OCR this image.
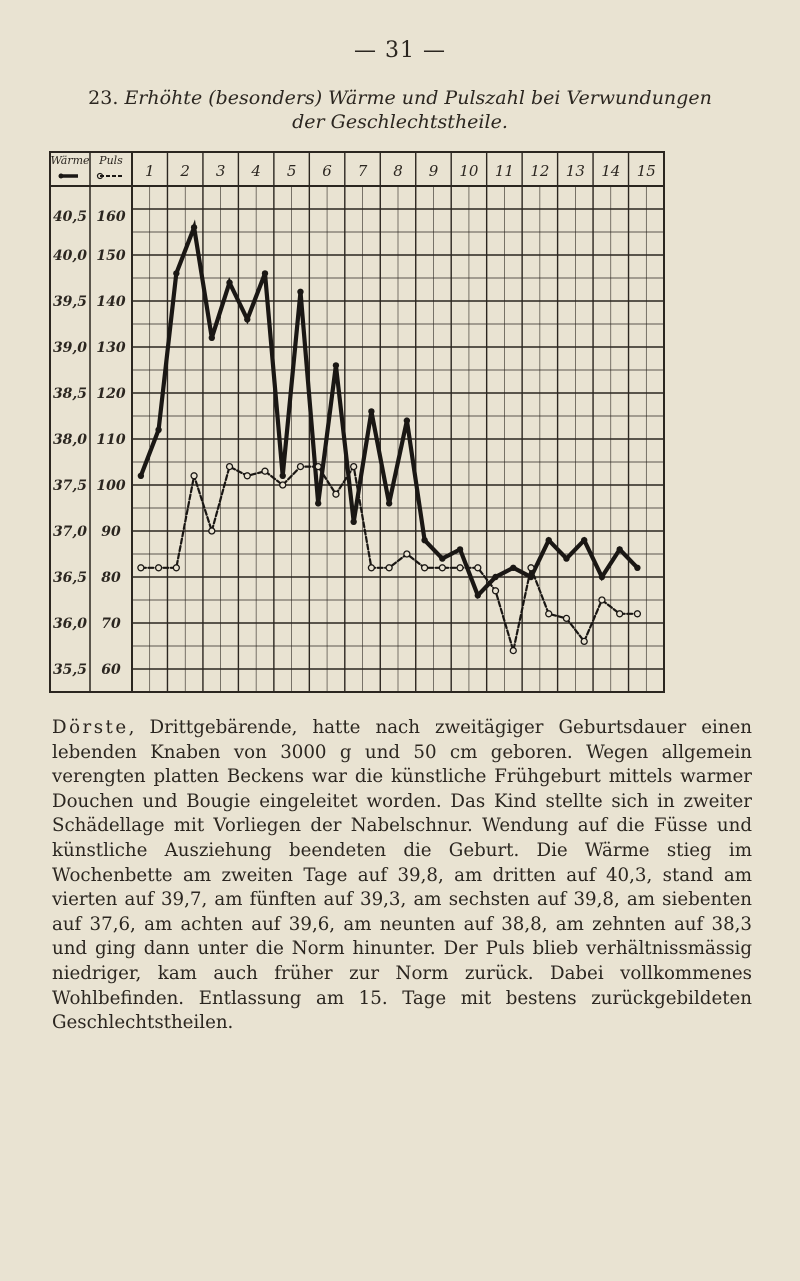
— 31 —
23. Erhöhte (besonders) Wärme und Pulszahl bei Verwundungen
der Geschlechtstheile.
Wärme Puls
1 2 3 4 5 6 7 8 9 10 11 12 13 14 15
40,5
40,0
39,5
39,0
38,5
38,0
37,5
37,0
36,5
36,0
35,5
160
150
140
130
120
110
100
90
80
70
60
Dörste, Drittgebärende, hatte nach zweitägiger Geburtsdauer einen lebenden Knaben von 3000 g und 50 cm geboren. Wegen allgemein verengten platten Beckens war die künstliche Frühgeburt mittels warmer Douchen und Bougie eingeleitet worden. Das Kind stellte sich in zweiter Schädellage mit Vorliegen der Nabelschnur. Wendung auf die Füsse und künstliche Ausziehung beendeten die Geburt. Die Wärme stieg im Wochenbette am zweiten Tage auf 39,8, am dritten auf 40,3, stand am vierten auf 39,7, am fünften auf 39,3, am sechsten auf 39,8, am siebenten auf 37,6, am achten auf 39,6, am neunten auf 38,8, am zehnten auf 38,3 und ging dann unter die Norm hinunter. Der Puls blieb verhältnissmässig niedriger, kam auch früher zur Norm zurück. Dabei vollkommenes Wohlbefinden. Entlassung am 15. Tage mit bestens zurückgebildeten Geschlechtstheilen.
